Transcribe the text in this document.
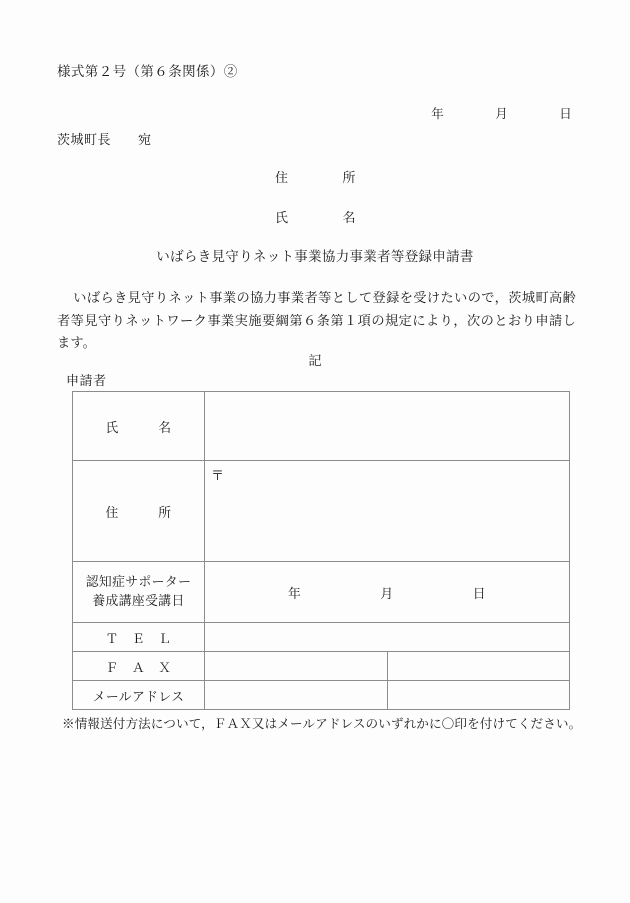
様式第２号（第６条関係）②
年　　　　月　　　　日
茨城町長　　宛
住　　　　所
氏　　　　名
いばらき見守りネット事業協力事業者等登録申請書
いばらき見守りネット事業の協力事業者等として登録を受けたいので，茨城町高齢者等見守りネットワーク事業実施要綱第６条第１項の規定により，次のとおり申請します。
記
申請者
氏　　　名		
住　　　所	〒	

認知症サポーター
養成講座受講日	年　　　　　　月　　　　　　日	
Ｔ　Ｅ　Ｌ		
Ｆ　Ａ　Ｘ		
メールアドレス		
※情報送付方法について，ＦＡＸ又はメールアドレスのいずれかに〇印を付けてください。
